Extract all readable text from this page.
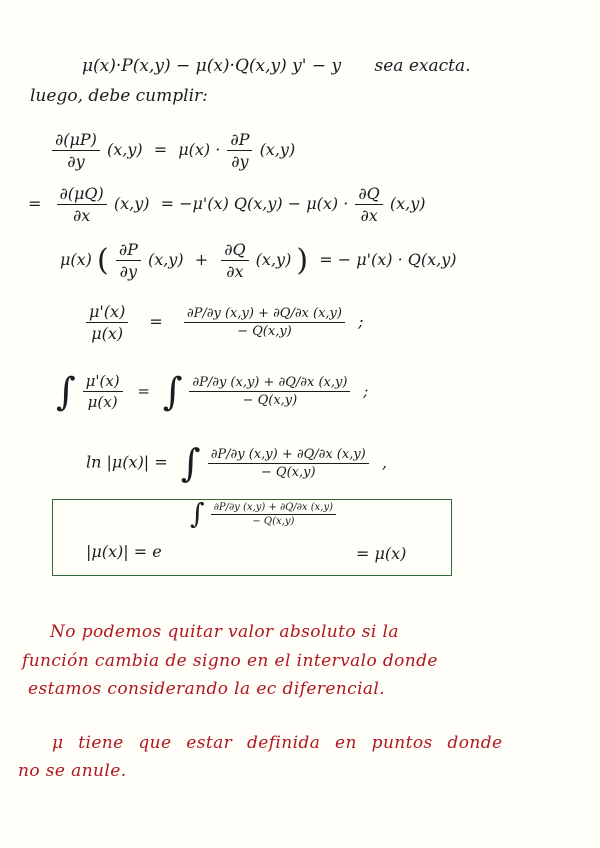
μ(x)·P(x,y) − μ(x)·Q(x,y) y' − y sea exacta.
luego, debe cumplir:
$\frac{\partial(\mu P)}{\partial y} (x,y) = \mu(x) \cdot \frac{\partial P}{\partial y} (x,y)$
= $\frac{\partial(\mu Q)}{\partial x} (x,y) = -\mu'(x) Q(x,y) - \mu(x) \cdot \frac{\partial Q}{\partial x} (x,y)$
μ(x) ( $\frac{\partial P}{\partial y} (x,y) + \frac{\partial Q}{\partial x} (x,y)$ ) = − μ'(x) · Q(x,y)
$\frac{\mu'(x)}{\mu(x)} = \frac{\partial P/\partial y (x,y) + \partial Q/\partial x (x,y)}{- Q(x,y)}$ ;
∫ $\frac{\mu'(x)}{\mu(x)}$ = ∫ $\frac{\partial P/\partial y (x,y) + \partial Q/\partial x (x,y)}{- Q(x,y)}$ ;
ln |μ(x)| = ∫ $\frac{\partial P/\partial y (x,y) + \partial Q/\partial x (x,y)}{- Q(x,y)}$ ,
|μ(x)| = e
∫ $\frac{\partial P/\partial y (x,y) + \partial Q/\partial x (x,y)}{- Q(x,y)}$
= μ(x)
No podemos quitar valor absoluto si la
función cambia de signo en el intervalo donde
estamos considerando la ec diferencial.
μ tiene que estar definida en puntos donde
no se anule.
